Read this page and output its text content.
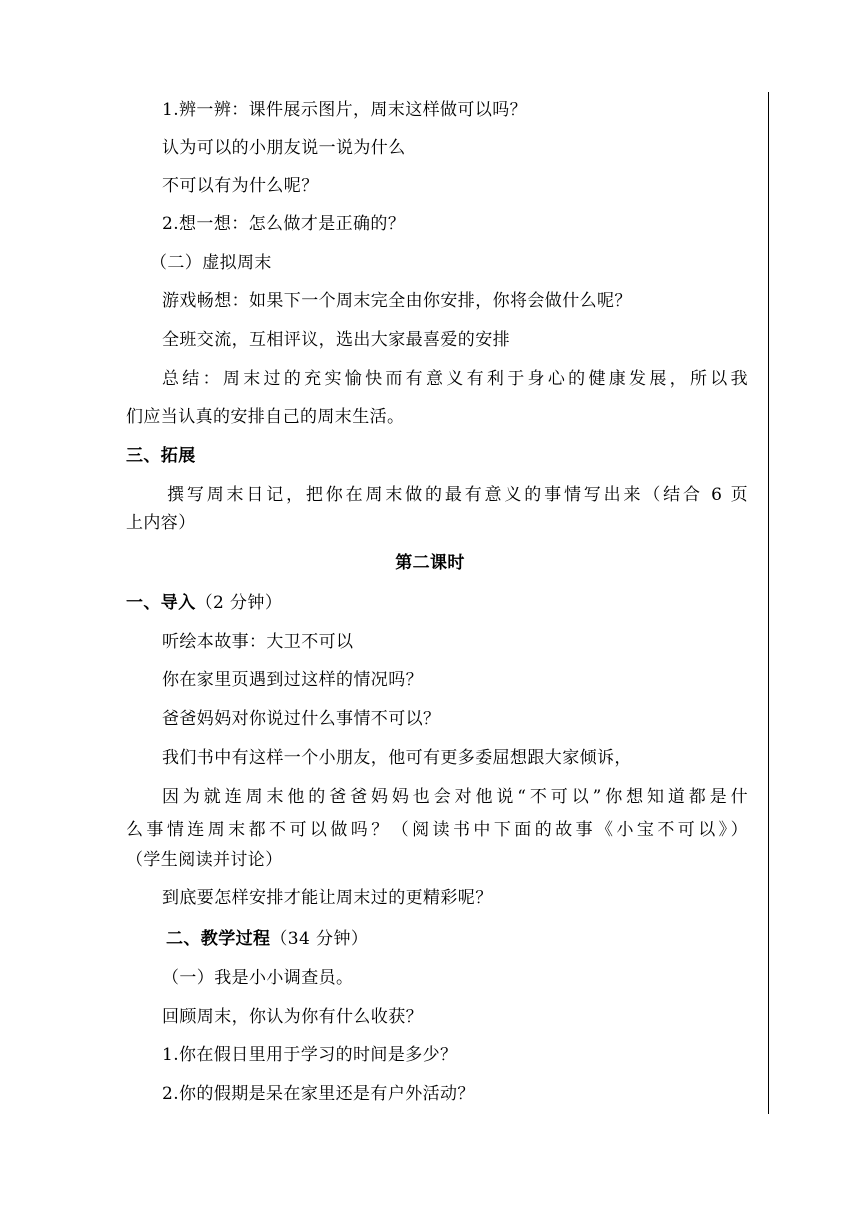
1.辨一辨：课件展示图片，周末这样做可以吗？
认为可以的小朋友说一说为什么
不可以有为什么呢？
2.想一想：怎么做才是正确的？
（二）虚拟周末
游戏畅想：如果下一个周末完全由你安排，你将会做什么呢？
全班交流，互相评议，选出大家最喜爱的安排
总结：周末过的充实愉快而有意义有利于身心的健康发展，所以我
们应当认真的安排自己的周末生活。
三、拓展
撰写周末日记，把你在周末做的最有意义的事情写出来（结合 6 页
上内容）
第二课时
一、导入（2 分钟）
听绘本故事：大卫不可以
你在家里页遇到过这样的情况吗？
爸爸妈妈对你说过什么事情不可以？
我们书中有这样一个小朋友，他可有更多委屈想跟大家倾诉，
因为就连周末他的爸爸妈妈也会对他说“不可以”你想知道都是什
么事情连周末都不可以做吗？（阅读书中下面的故事《小宝不可以》）
（学生阅读并讨论）
到底要怎样安排才能让周末过的更精彩呢？
二、教学过程（34 分钟）
（一）我是小小调查员。
回顾周末，你认为你有什么收获？
1.你在假日里用于学习的时间是多少？
2.你的假期是呆在家里还是有户外活动？
